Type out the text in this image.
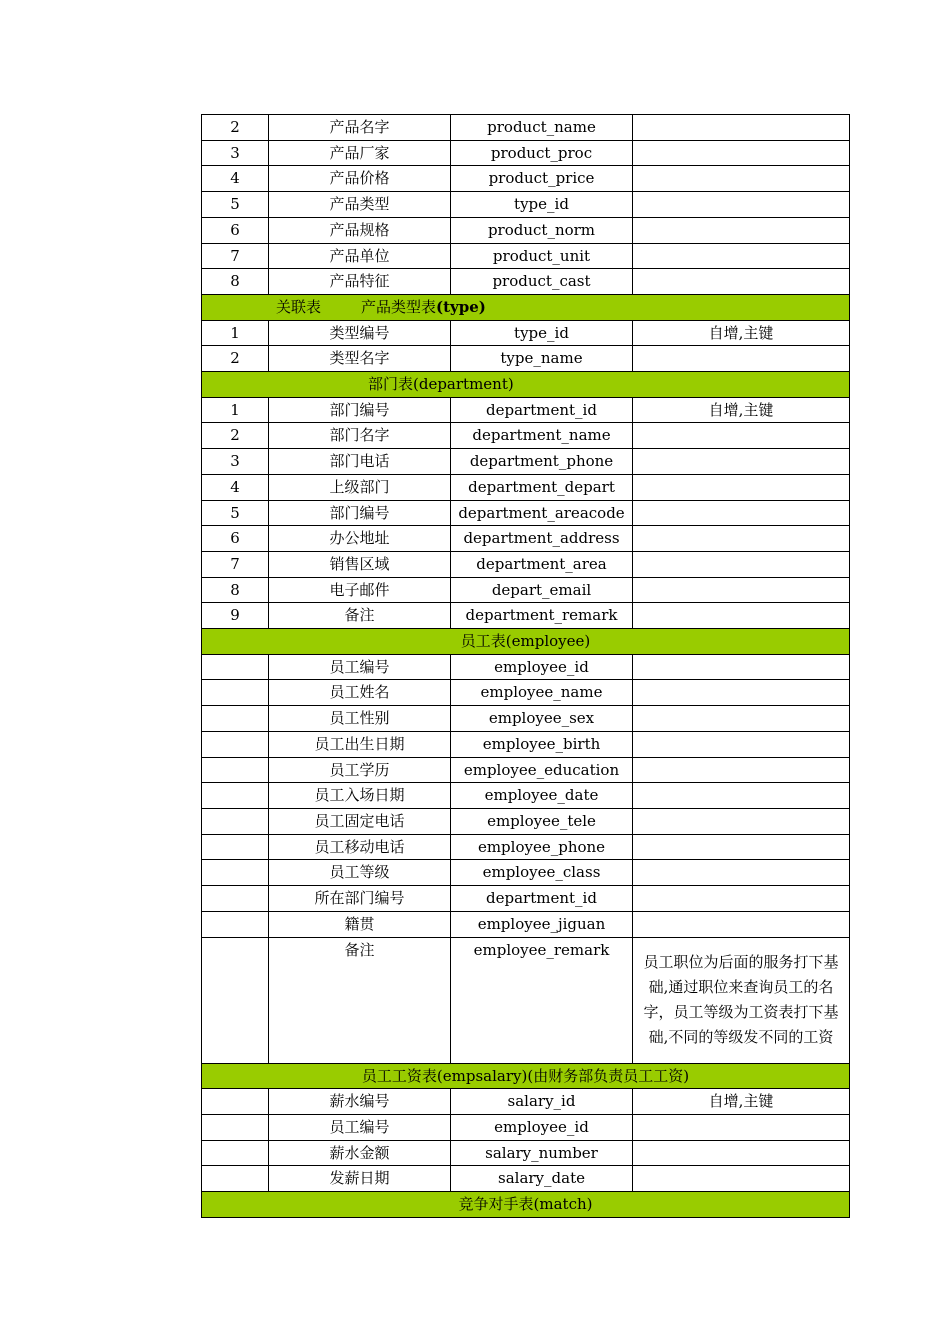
2	产品名字	product_name	
3	产品厂家	product_proc	
4	产品价格	product_price	
5	产品类型	type_id	
6	产品规格	product_norm	
7	产品单位	product_unit	
8	产品特征	product_cast	
关联表 产品类型表(type)			
1	类型编号	type_id	自增,主键
2	类型名字	type_name	
部门表(department)			
1	部门编号	department_id	自增,主键
2	部门名字	department_name	
3	部门电话	department_phone	
4	上级部门	department_depart	
5	部门编号	department_areacode	
6	办公地址	department_address	
7	销售区域	department_area	
8	电子邮件	depart_email	
9	备注	department_remark	
员工表(employee)			
	员工编号	employee_id	
	员工姓名	employee_name	
	员工性别	employee_sex	
	员工出生日期	employee_birth	
	员工学历	employee_education	
	员工入场日期	employee_date	
	员工固定电话	employee_tele	
	员工移动电话	employee_phone	
	员工等级	employee_class	
	所在部门编号	department_id	
	籍贯	employee_jiguan	
	备注	employee_remark	员工职位为后面的服务打下基础,通过职位来查询员工的名字，员工等级为工资表打下基础,不同的等级发不同的工资
员工工资表(empsalary)(由财务部负责员工工资)			
	薪水编号	salary_id	自增,主键
	员工编号	employee_id	
	薪水金额	salary_number	
	发薪日期	salary_date	
竞争对手表(match)			
